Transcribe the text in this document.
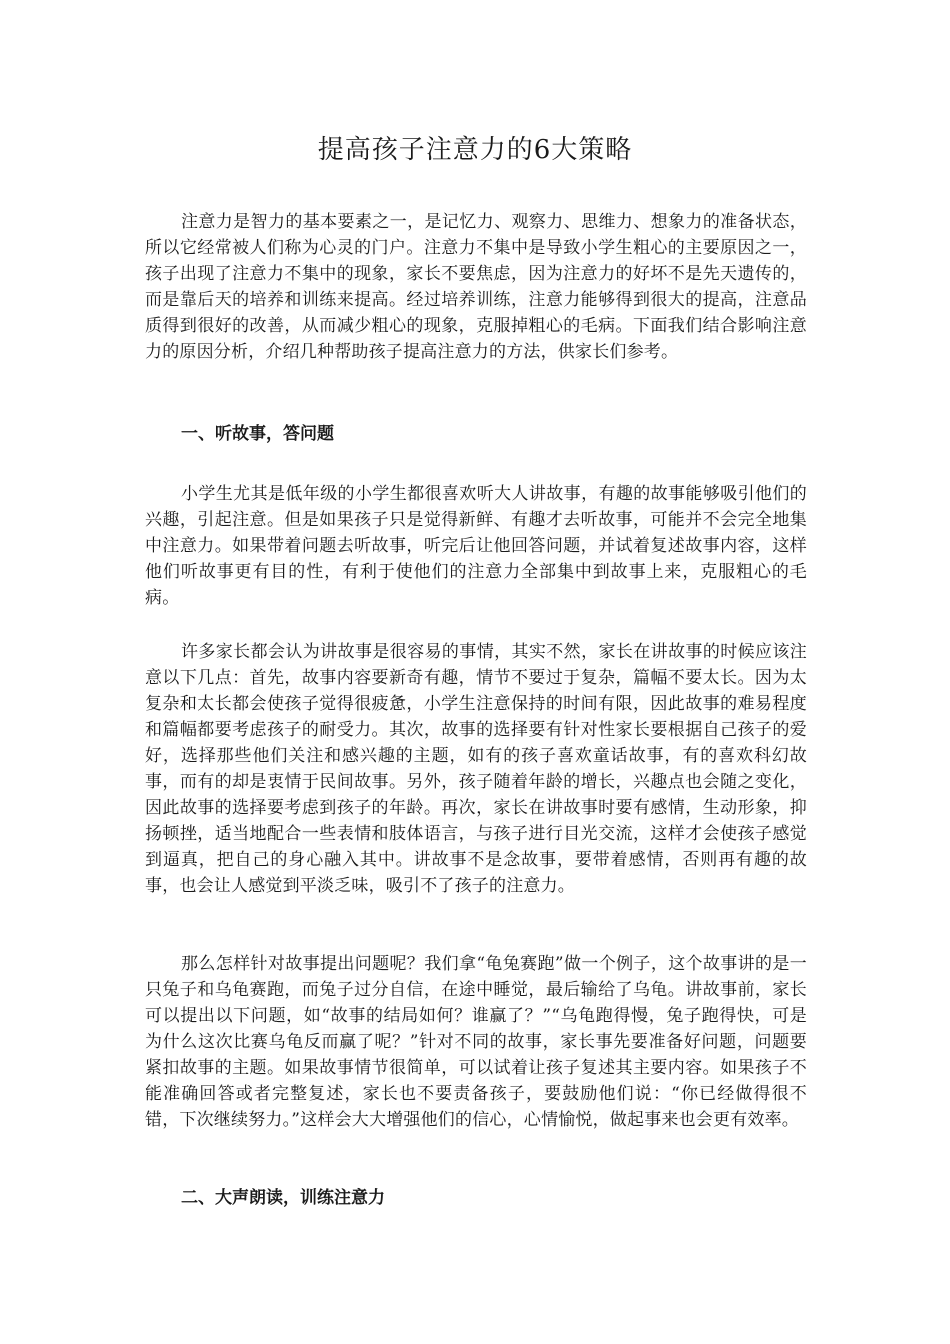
提高孩子注意力的6大策略

注意力是智力的基本要素之一，是记忆力、观察力、思维力、想象力的准备状态，所以它经常被人们称为心灵的门户。注意力不集中是导致小学生粗心的主要原因之一，孩子出现了注意力不集中的现象，家长不要焦虑，因为注意力的好坏不是先天遗传的，而是靠后天的培养和训练来提高。经过培养训练，注意力能够得到很大的提高，注意品质得到很好的改善，从而减少粗心的现象，克服掉粗心的毛病。下面我们结合影响注意力的原因分析，介绍几种帮助孩子提高注意力的方法，供家长们参考。

一、听故事，答问题

小学生尤其是低年级的小学生都很喜欢听大人讲故事，有趣的故事能够吸引他们的兴趣，引起注意。但是如果孩子只是觉得新鲜、有趣才去听故事，可能并不会完全地集中注意力。如果带着问题去听故事，听完后让他回答问题，并试着复述故事内容，这样他们听故事更有目的性，有利于使他们的注意力全部集中到故事上来，克服粗心的毛病。

许多家长都会认为讲故事是很容易的事情，其实不然，家长在讲故事的时候应该注意以下几点：首先，故事内容要新奇有趣，情节不要过于复杂，篇幅不要太长。因为太复杂和太长都会使孩子觉得很疲惫，小学生注意保持的时间有限，因此故事的难易程度和篇幅都要考虑孩子的耐受力。其次，故事的选择要有针对性家长要根据自己孩子的爱好，选择那些他们关注和感兴趣的主题，如有的孩子喜欢童话故事，有的喜欢科幻故事，而有的却是衷情于民间故事。另外，孩子随着年龄的增长，兴趣点也会随之变化，因此故事的选择要考虑到孩子的年龄。再次，家长在讲故事时要有感情，生动形象，抑扬顿挫，适当地配合一些表情和肢体语言，与孩子进行目光交流，这样才会使孩子感觉到逼真，把自己的身心融入其中。讲故事不是念故事，要带着感情，否则再有趣的故事，也会让人感觉到平淡乏味，吸引不了孩子的注意力。

那么怎样针对故事提出问题呢？我们拿“龟兔赛跑”做一个例子，这个故事讲的是一只兔子和乌龟赛跑，而兔子过分自信，在途中睡觉，最后输给了乌龟。讲故事前，家长可以提出以下问题，如“故事的结局如何？谁赢了？”“乌龟跑得慢，兔子跑得快，可是为什么这次比赛乌龟反而赢了呢？”针对不同的故事，家长事先要准备好问题，问题要紧扣故事的主题。如果故事情节很简单，可以试着让孩子复述其主要内容。如果孩子不能准确回答或者完整复述，家长也不要责备孩子，要鼓励他们说：“你已经做得很不错，下次继续努力。”这样会大大增强他们的信心，心情愉悦，做起事来也会更有效率。

二、大声朗读，训练注意力
